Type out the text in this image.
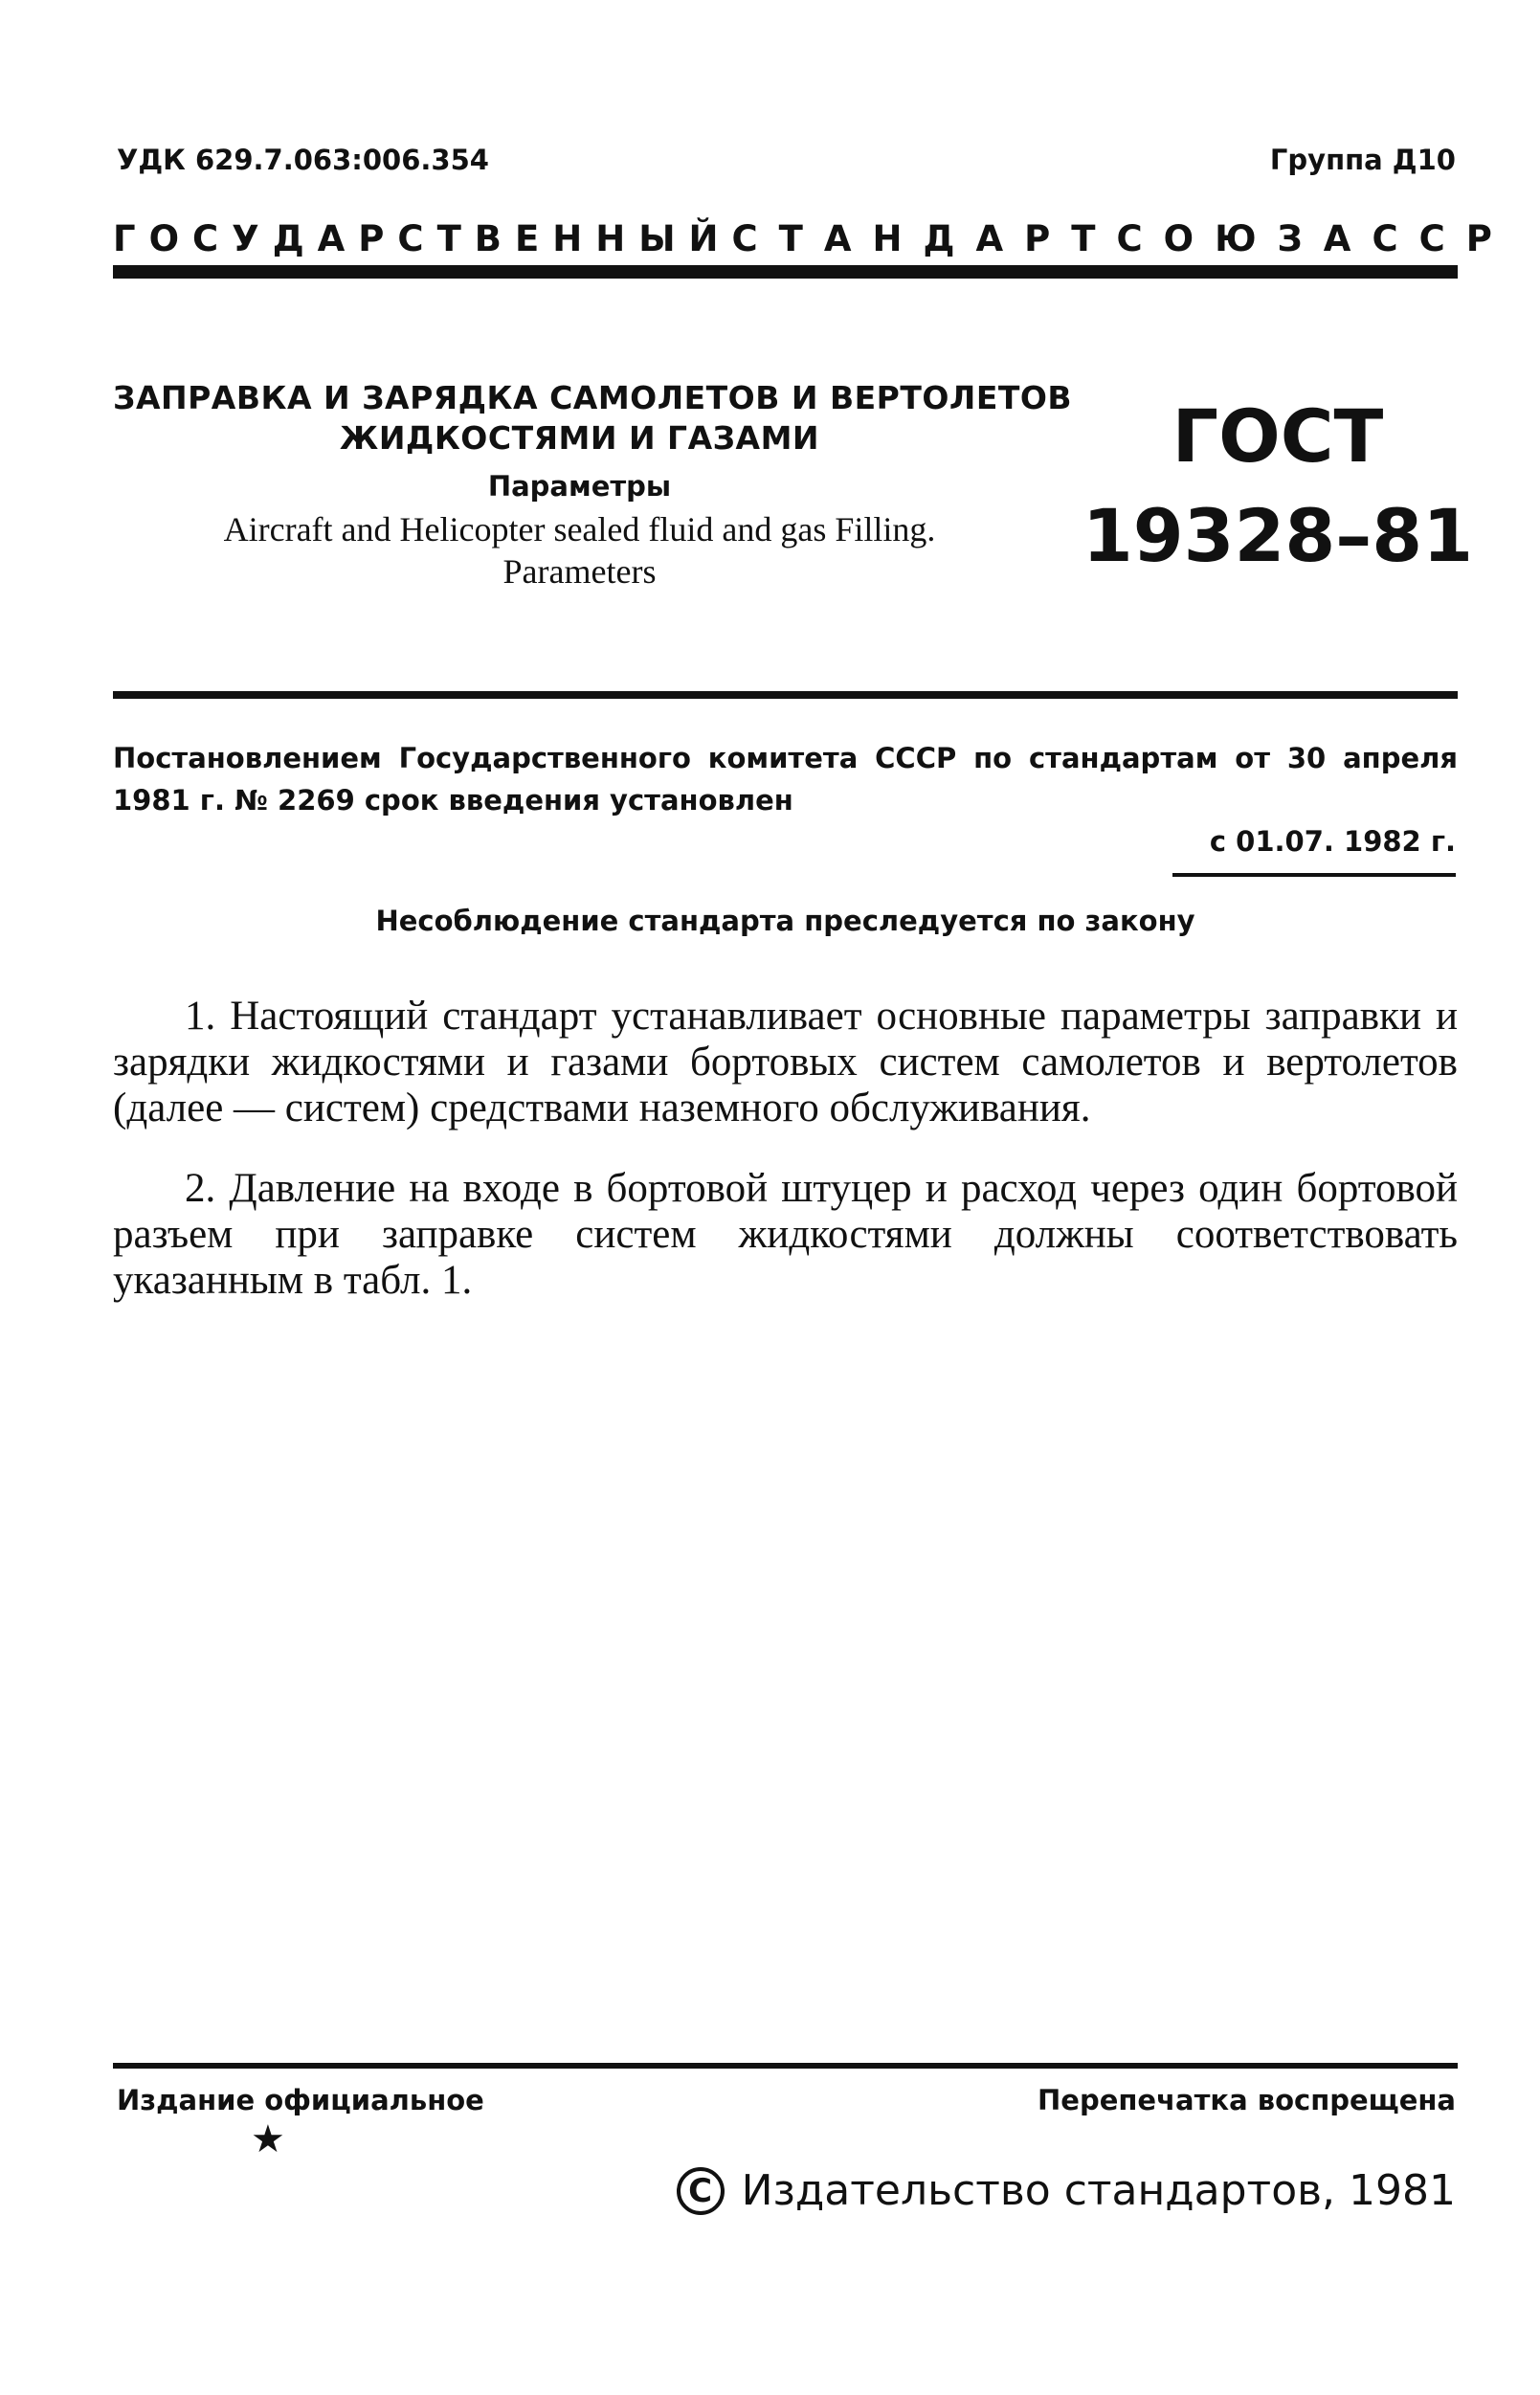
УДК 629.7.063:006.354	Группа Д10
ГОСУДАРСТВЕННЫЙ СТАНДАРТ СОЮЗА ССР
ЗАПРАВКА И ЗАРЯДКА САМОЛЕТОВ И ВЕРТОЛЕТОВ
ЖИДКОСТЯМИ И ГАЗАМИ
Параметры
Aircraft and Helicopter sealed fluid and gas Filling.
Parameters
ГОСТ
19328–81
Постановлением Государственного комитета СССР по стандартам от 30 апреля 1981 г. № 2269 срок введения установлен
с 01.07. 1982 г.
Несоблюдение стандарта преследуется по закону
1. Настоящий стандарт устанавливает основные параметры заправки и зарядки жидкостями и газами бортовых систем самолетов и вертолетов (далее — систем) средствами наземного обслуживания.
2. Давление на входе в бортовой штуцер и расход через один бортовой разъем при заправке систем жидкостями должны соответствовать указанным в табл. 1.
Издание официальное	Перепечатка воспрещена
★
C Издательство стандартов, 1981
